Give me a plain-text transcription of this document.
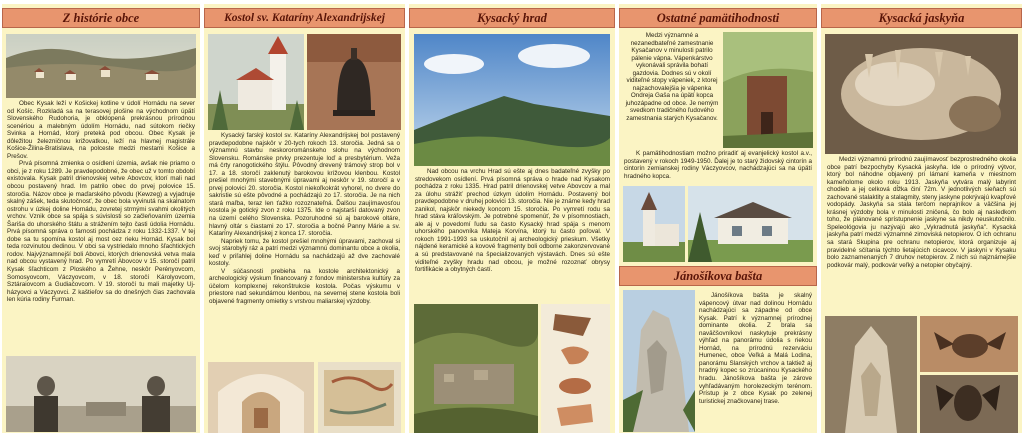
Z histórie obce

Obec Kysak leží v Košickej kotline v údolí Hornádu na sever od Košíc. Rozkladá sa na terasovej plošine na východnom úpätí Slovenského Rudohoria, je obklopená prekrásnou prírodnou scenériou a malebným údolím Hornádu, nad sútokom riečky Svinka a Hornád, ktorý preteká pod obcou. Obec Kysak je dôležitou železničnou križovatkou, leží na hlavnej magistrále Košice-Žilina-Bratislava, na polceste medzi mestami Košice a Prešov.

Prvá písomná zmienka o osídlení územia, avšak nie priamo o obci, je z roku 1289. Je pravdepodobné, že obec už v tomto období existovala. Kysak patril drienovskej vetve Abovcov, ktorí mali nad obcou postavený hrad. Im patrilo obec do prvej polovice 15. storočia. Názov obce je maďarského pôvodu (Kewzeg) a vyjadruje skalný zášek, teda skutočnosť, že obec bola vyvinutá na skalnatom ostrohu v úzkej doline Hornádu, zovretej strmými svahmi okolitých vrchov. Vznik obce sa spája s súvislosti so začleňovaním územia Šariša do uhorského štátu a strážením tejto časti údolia Hornádu. Prvá písomná správa o farnosti pochádza z roku 1332-1337. V tej dobe sa tu spomína kostol aj most cez rieku Hornád. Kysak bol teda rozvinutou dedinou. V obci sa vystriedalo mnoho šľachtických rodov. Najvýznamnejší boli Abovci, ktorých drienovská vetva mala nad obcou vystavený hrad. Po vymretí Abovcov v 15. storočí patril Kysak šľachticom z Ploského a Žehne, neskôr Perényovcom, Somosyovcom, Váczyovcom, v 18. storočí Károlyovcom, Sztáraiovcom a Gudiačovcom. V 19. storočí tu mali majetky Uj-házyovci a Váczyovci. Z kaštieľov sa do dnešných čias zachovala len kúria rodiny Furman.

Kostol sv. Kataríny Alexandrijskej

Kysacký farský kostol sv. Kataríny Alexandrijskej bol postavený pravdepodobne najskôr v 20-tych rokoch 13. storočia. Jedná sa o významnú stavbu neskororománskeho slohu na východnom Slovensku. Románske prvky prezentuje loď a presbytérium. Veža má črty ranogotického štýlu. Pôvodný drevený trámový strop bol v 17. a 18. storočí zaklenutý barokovou krížovou klenbou. Kostol prešiel mnohými stavebnými úpravami aj neskôr v 19. storočí a v prvej polovici 20. storočia. Kostol niekoľkokrát vyhorel, no dvere do sakristie sú ešte pôvodné a pochádzajú zo 17. storočia. Je na nich stará maľba, teraz len ťažko rozoznateľná. Ďalšou zaujímavosťou kostola je gotický zvon z roku 1375. Ide o najstarší datovaný zvon na území celého Slovenska. Pozoruhodné sú aj barokové oltáre, hlavný oltár s čiastami zo 17. storočia a bočné Panny Márie a sv. Kataríny Alexandrijskej z konca 17. storočia.

Napriek tomu, že kostol prešiel mnohými úpravami, zachoval si svoj starobylý ráz a patrí medzi významnú dominantu obce a okolia, keď v priľahlej doline Hornádu sa nachádzajú až dve zachovalé kostoly.

V súčasnosti prebieha na kostole architektonický a archeologický výskum financovaný z fondov ministerstva kultúry za účelom komplexnej rekonštrukcie kostola. Počas výskumu v priestore nad sekundárnou klenbou, na severnej stene kostola boli objavené fragmenty omietky s vrstvou maliarskej výzdoby.

Kysacký hrad

Nad obcou na vrchu Hrad sú ešte aj dnes badateľné zvyšky po stredovekom osídlení. Prvá písomná správa o hrade nad Kysakom pochádza z roku 1335. Hrad patril drienovskej vetve Abovcov a mal za úlohu strážiť prechod úzkym údolím Hornádu. Postavený bol pravdepodobne v druhej polovici 13. storočia. Nie je známe kedy hrad zanikol, najskôr niekedy koncom 15. storočia. Po vymretí rodu sa hrad stáva kráľovským. Je potrebné spomenúť, že v písomnostiach, ale aj v povedomí ľudu sa často Kysacký hrad spája s menom uhorského panovníka Mateja Korvína, ktorý tu často poľoval. V rokoch 1991-1993 sa uskutočnil aj archeologický prieskum. Všetky nájdené keramické a kovové fragmenty boli odborne zakonzervované a sú predstavované na špecializovaných výstavách. Dnes sú ešte viditeľné zvyšky hradu nad obcou, je možné rozoznať obrysy fortifikácie a obytných častí.

Ostatné pamätihodnosti

Medzi významné a nezanedbateľné zamestnanie Kysačanov v minulosti patrilo pálenie vápna. Vápenkárstvo vykonávali správila bohatí gazdovia. Dodnes sú v okolí viditeľné stopy vápeniek, z ktorej najzachovalejšia je vápenka Ondreja Gaša na úpätí kopca juhozápadne od obce. Je nemým svedkom tradičného ľudového zamestnania starých Kysačanov.

K pamätihodnostiam možno priradiť aj evanjelický kostol a.v., postavený v rokoch 1949-1950. Ďalej je to starý židovský cintorín a cintorín zemianskej rodiny Váczyovcov, nachádzajúci sa na úpätí hradného kopca.

Jánošíkova bašta

Jánošíkova bašta je skalný vápencový útvar nad dolinou Hornádu nachádzajúci sa západne od obce Kysak. Patrí k významnej prírodnej dominante okolia. Z brala sa naväčšovníkovi naskytuje prekrásny výhľad na panorámu údolia s riekou Hornád, na prírodnú rezerváciu Humenec, obce Veľká a Malá Lodina, panorámu Slanských vrchov a taktiež aj hradný kopec so zrúcaninou Kysackého hradu. Jánošíkova bašta je zárove vyhľadávaným horolezeckým terénom. Prístup je z obce Kysak po zelenej turistickej značkovanej trase.

Kysacká jaskyňa

Medzi významnú prírodnú zaujímavosť bezprostredného okolia obce patrí bezpochyby Kysacká jaskyňa. Ide o prírodný výtvor, ktorý bol náhodne objavený pri lámaní kameňa v miestnom kameňolome okolo roku 1913. Jaskyňa vytvára malý labyrint chodieb a jej celková dĺžka činí 72m. V jednotlivých sieňach sú zachované stalaktity a stalagmity, steny jaskyne pokrývajú kvapľové vodopády. Jaskyňa sa stala terčom neprajníkov a väčšina jej krásnej výzdoby bola v minulosti zničená, čo bolo aj nasledkom toho, že plánované sprístupnenie jaskyne sa nikdy neuskutočnilo. Speleológovia ju nazývajú ako „Vykradnutá jaskyňa". Kysacká jaskyňa patrí medzi významné zimoviská netopierov. O ich ochranu sa stará Skupina pre ochranu netopierov, ktorá organizuje aj pravidelné sčítania týchto lietajúcich cicavcov. V jaskyni v Kysaku bolo zaznamenaných 7 druhov netopierov. Z nich sú najznámejšie podkovár malý, podkovár veľký a netopier obyčajný.
